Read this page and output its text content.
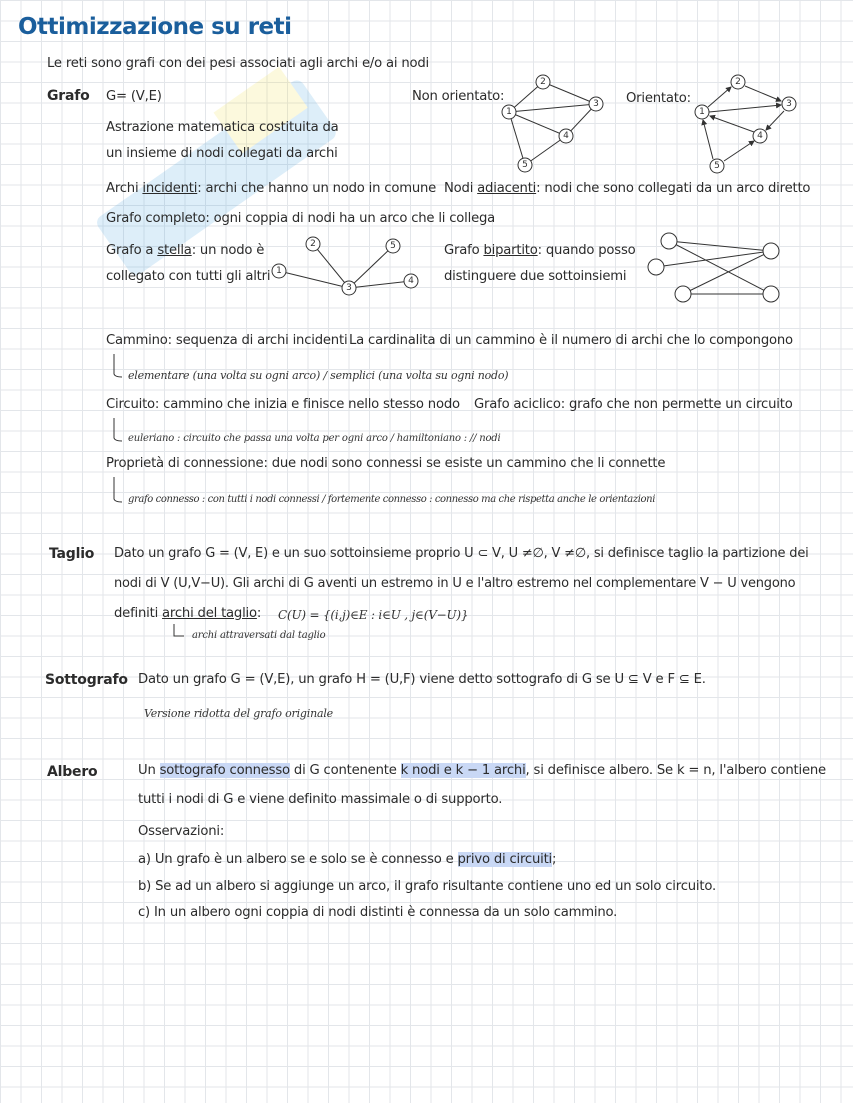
Ottimizzazione su reti
Le reti sono grafi con dei pesi associati agli archi e/o ai nodi
Grafo G= (V,E)
Astrazione matematica costituita da
un insieme di nodi collegati da archi
Non orientato:	Orientato:
1
2
3
4
5
1
2
3
4
5
Archi incidenti: archi che hanno un nodo in comune Nodi adiacenti: nodi che sono collegati da un arco diretto
Grafo completo: ogni coppia di nodi ha un arco che li collega
Grafo a stella: un nodo è
collegato con tutti gli altri 1
2
3
4
5	Grafo bipartito: quando posso
distinguere due sottoinsiemi
Cammino: sequenza di archi incidenti La cardinalita di un cammino è il numero di archi che lo compongono
elementare (una volta su ogni arco) / semplici (una volta su ogni nodo)
Circuito: cammino che inizia e finisce nello stesso nodo Grafo aciclico: grafo che non permette un circuito
euleriano : circuito che passa una volta per ogni arco / hamiltoniano : // nodi
Proprietà di connessione: due nodi sono connessi se esiste un cammino che li connette
grafo connesso : con tutti i nodi connessi / fortemente connesso : connesso ma che rispetta anche le orientazioni
Taglio Dato un grafo G = (V, E) e un suo sottoinsieme proprio U ⊂ V, U ≠∅, V ≠∅, si definisce taglio la partizione dei
nodi di V (U,V−U). Gli archi di G aventi un estremo in U e l'altro estremo nel complementare V − U vengono
definiti archi del taglio: C(U) = {(i,j)∈E : i∈U , j∈(V−U)}
archi attraversati dal taglio
Sottografo Dato un grafo G = (V,E), un grafo H = (U,F) viene detto sottografo di G se U ⊆ V e F ⊆ E.
Versione ridotta del grafo originale
Albero	Un sottografo connesso di G contenente k nodi e k − 1 archi, si definisce albero. Se k = n, l'albero contiene
tutti i nodi di G e viene definito massimale o di supporto.
Osservazioni:
a) Un grafo è un albero se e solo se è connesso e privo di circuiti;
b) Se ad un albero si aggiunge un arco, il grafo risultante contiene uno ed un solo circuito.
c) In un albero ogni coppia di nodi distinti è connessa da un solo cammino.
